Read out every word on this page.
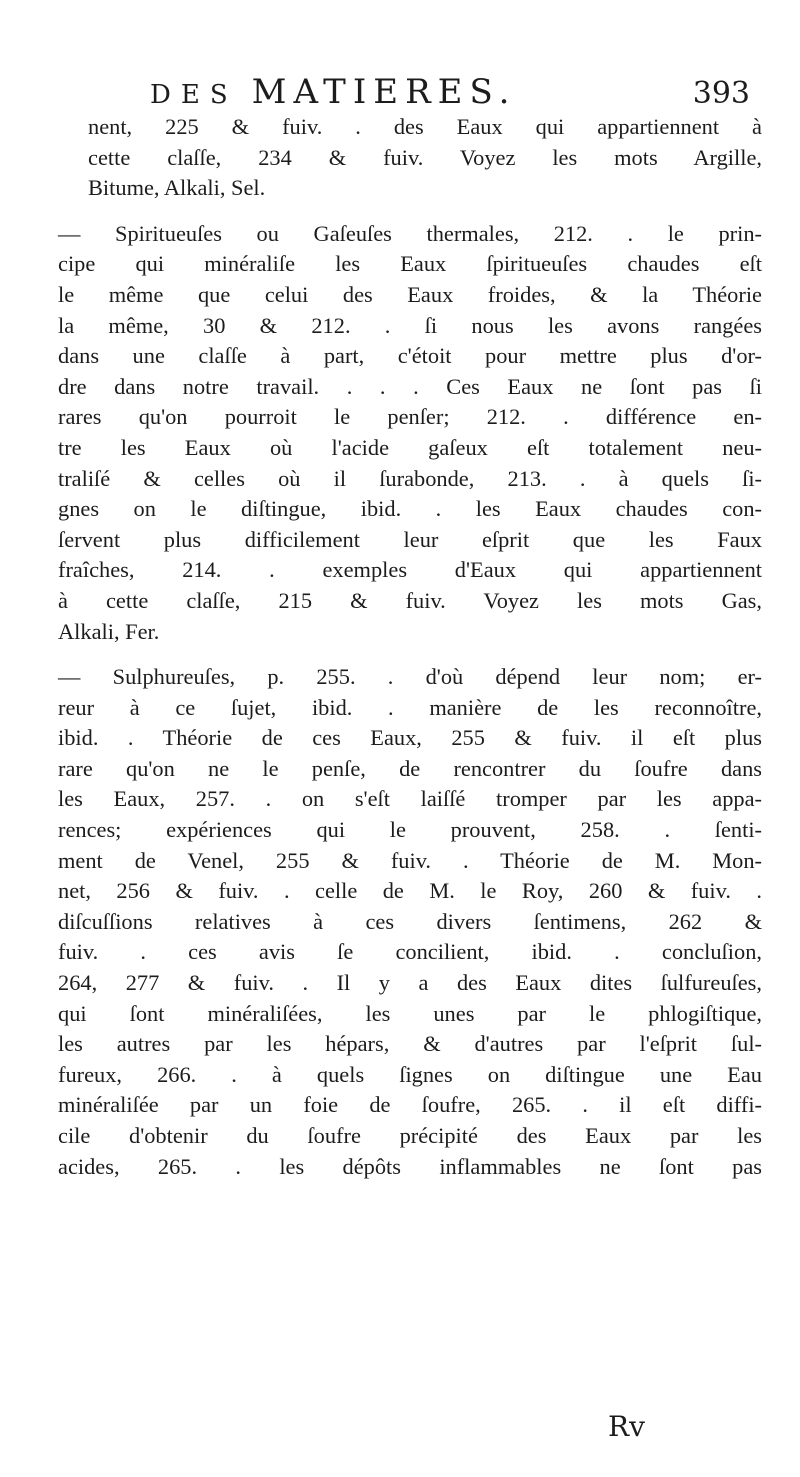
DES MATIERES.	393

nent, 225 & fuiv. . des Eaux qui appartiennent à
cette claſſe, 234 & fuiv. Voyez les mots Argille,
Bitume, Alkali, Sel.

— Spiritueuſes ou Gaſeuſes thermales, 212. . le prin-
cipe qui minéraliſe les Eaux ſpiritueuſes chaudes eſt
le même que celui des Eaux froides, & la Théorie
la même, 30 & 212. . ſi nous les avons rangées
dans une claſſe à part, c'étoit pour mettre plus d'or-
dre dans notre travail. . . . Ces Eaux ne ſont pas ſi
rares qu'on pourroit le penſer; 212. . différence en-
tre les Eaux où l'acide gaſeux eſt totalement neu-
traliſé & celles où il ſurabonde, 213. . à quels ſi-
gnes on le diſtingue, ibid. . les Eaux chaudes con-
ſervent plus difficilement leur eſprit que les Faux
fraîches, 214. . exemples d'Eaux qui appartiennent
à cette claſſe, 215 & fuiv. Voyez les mots Gas,
Alkali, Fer.

— Sulphureuſes, p. 255. . d'où dépend leur nom; er-
reur à ce ſujet, ibid. . manière de les reconnoître,
ibid. . Théorie de ces Eaux, 255 & fuiv. il eſt plus
rare qu'on ne le penſe, de rencontrer du ſoufre dans
les Eaux, 257. . on s'eſt laiſſé tromper par les appa-
rences; expériences qui le prouvent, 258. . ſenti-
ment de Venel, 255 & fuiv. . Théorie de M. Mon-
net, 256 & fuiv. . celle de M. le Roy, 260 & fuiv. .
diſcuſſions relatives à ces divers ſentimens, 262 &
fuiv. . ces avis ſe concilient, ibid. . concluſion,
264, 277 & fuiv. . Il y a des Eaux dites ſulfureuſes,
qui ſont minéraliſées, les unes par le phlogiſtique,
les autres par les hépars, & d'autres par l'eſprit ſul-
fureux, 266. . à quels ſignes on diſtingue une Eau
minéraliſée par un foie de ſoufre, 265. . il eſt diffi-
cile d'obtenir du ſoufre précipité des Eaux par les
acides, 265. . les dépôts inflammables ne ſont pas

Rv
